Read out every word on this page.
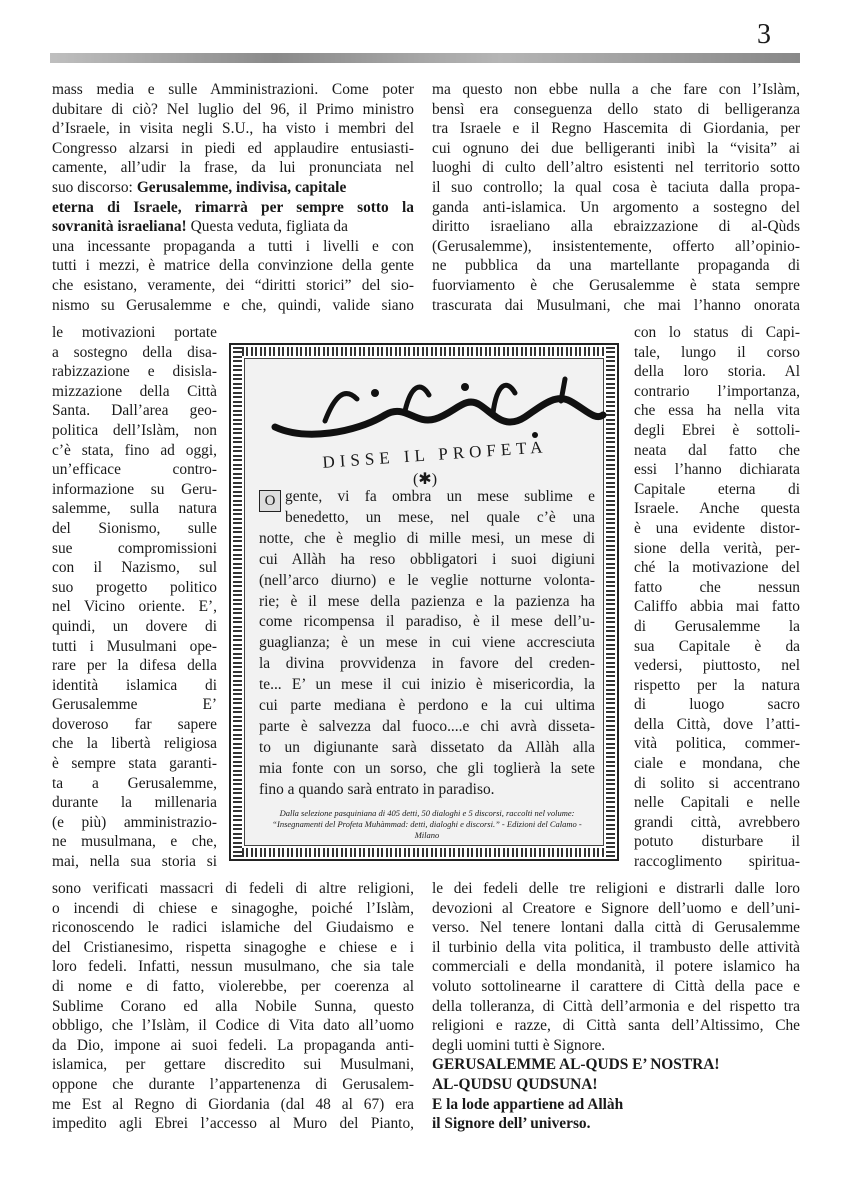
3
mass media e sulle Amministrazioni. Come poter
dubitare di ciò? Nel luglio del 96, il Primo ministro
d’Israele, in visita negli S.U., ha visto i membri del
Congresso alzarsi in piedi ed applaudire entusiasti-
camente, all’udir la frase, da lui pronunciata nel
suo discorso: Gerusalemme, indivisa, capitale
eterna di Israele, rimarrà per sempre sotto la
sovranità israeliana! Questa veduta, figliata da
una incessante propaganda a tutti i livelli e con
tutti i mezzi, è matrice della convinzione della gente
che esistano, veramente, dei “diritti storici” del sio-
nismo su Gerusalemme e che, quindi, valide siano
ma questo non ebbe nulla a che fare con l’Islàm,
bensì era conseguenza dello stato di belligeranza
tra Israele e il Regno Hascemita di Giordania, per
cui ognuno dei due belligeranti inibì la “visita” ai
luoghi di culto dell’altro esistenti nel territorio sotto
il suo controllo; la qual cosa è taciuta dalla propa-
ganda anti-islamica. Un argomento a sostegno del
diritto israeliano alla ebraizzazione di al-Qùds
(Gerusalemme), insistentemente, offerto all’opinio-
ne pubblica da una martellante propaganda di
fuorviamento è che Gerusalemme è stata sempre
trascurata dai Musulmani, che mai l’hanno onorata
le motivazioni portate
a sostegno della disa-
rabizzazione e disisla-
mizzazione della Città
Santa. Dall’area geo-
politica dell’Islàm, non
c’è stata, fino ad oggi,
un’efficace contro-
informazione su Geru-
salemme, sulla natura
del Sionismo, sulle
sue compromissioni
con il Nazismo, sul
suo progetto politico
nel Vicino oriente. E’,
quindi, un dovere di
tutti i Musulmani ope-
rare per la difesa della
identità islamica di
Gerusalemme E’
doveroso far sapere
che la libertà religiosa
è sempre stata garanti-
ta a Gerusalemme,
durante la millenaria
(e più) amministrazio-
ne musulmana, e che,
mai, nella sua storia si
con lo status di Capi-
tale, lungo il corso
della loro storia. Al
contrario l’importanza,
che essa ha nella vita
degli Ebrei è sottoli-
neata dal fatto che
essi l’hanno dichiarata
Capitale eterna di
Israele. Anche questa
è una evidente distor-
sione della verità, per-
ché la motivazione del
fatto che nessun
Califfo abbia mai fatto
di Gerusalemme la
sua Capitale è da
vedersi, piuttosto, nel
rispetto per la natura
di luogo sacro
della Città, dove l’atti-
vità politica, commer-
ciale e mondana, che
di solito si accentrano
nelle Capitali e nelle
grandi città, avrebbero
potuto disturbare il
raccoglimento spiritua-
sono verificati massacri di fedeli di altre religioni,
o incendi di chiese e sinagoghe, poiché l’Islàm,
riconoscendo le radici islamiche del Giudaismo e
del Cristianesimo, rispetta sinagoghe e chiese e i
loro fedeli. Infatti, nessun musulmano, che sia tale
di nome e di fatto, violerebbe, per coerenza al
Sublime Corano ed alla Nobile Sunna, questo
obbligo, che l’Islàm, il Codice di Vita dato all’uomo
da Dio, impone ai suoi fedeli. La propaganda anti-
islamica, per gettare discredito sui Musulmani,
oppone che durante l’appartenenza di Gerusalem-
me Est al Regno di Giordania (dal 48 al 67) era
impedito agli Ebrei l’accesso al Muro del Pianto,
le dei fedeli delle tre religioni e distrarli dalle loro
devozioni al Creatore e Signore dell’uomo e dell’uni-
verso. Nel tenere lontani dalla città di Gerusalemme
il turbinio della vita politica, il trambusto delle attività
commerciali e della mondanità, il potere islamico ha
voluto sottolinearne il carattere di Città della pace e
della tolleranza, di Città dell’armonia e del rispetto tra
religioni e razze, di Città santa dell’Altissimo, Che
degli uomini tutti è Signore.
GERUSALEMME AL-QUDS E’ NOSTRA!
AL-QUDSU QUDSUNA!
E la lode appartiene ad Allàh
il Signore dell’ universo.
DISSE IL PROFETA
(✱)
O gente, vi fa ombra un mese sublime e
benedetto, un mese, nel quale c’è una
notte, che è meglio di mille mesi, un mese di
cui Allàh ha reso obbligatori i suoi digiuni
(nell’arco diurno) e le veglie notturne volonta-
rie; è il mese della pazienza e la pazienza ha
come ricompensa il paradiso, è il mese dell’u-
guaglianza; è un mese in cui viene accresciuta
la divina provvidenza in favore del creden-
te... E’ un mese il cui inizio è misericordia, la
cui parte mediana è perdono e la cui ultima
parte è salvezza dal fuoco....e chi avrà disseta-
to un digiunante sarà dissetato da Allàh alla
mia fonte con un sorso, che gli toglierà la sete
fino a quando sarà entrato in paradiso.
Dalla selezione pasquiniana di 405 detti, 50 dialoghi e 5 discorsi, raccolti nel volume: “Insegnamenti del Profeta Muhàmmad: detti, dialoghi e discorsi.” - Edizioni del Calamo - Milano
